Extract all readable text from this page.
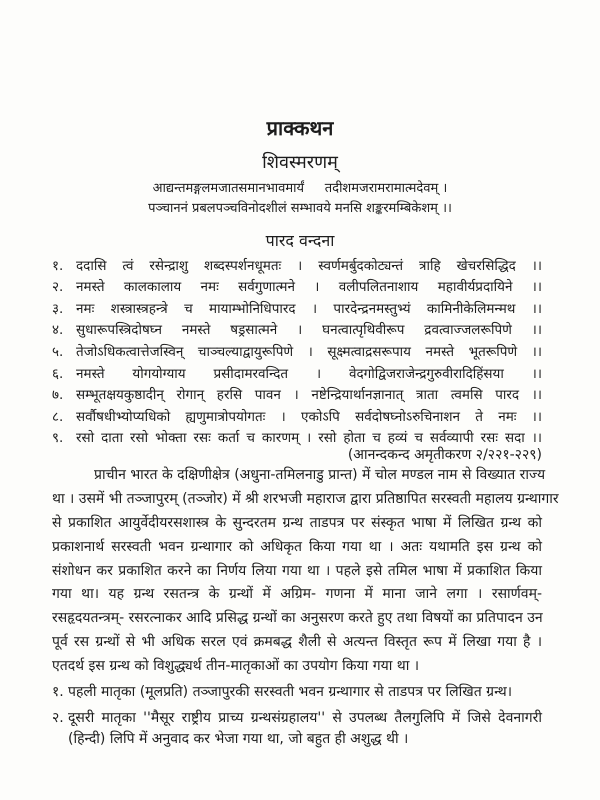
प्राक्कथन
शिवस्मरणम्
आद्यन्तमङ्गलमजातसमानभावमार्यं     तदीशमजरामरामात्मदेवम् ।
पञ्चाननं प्रबलपञ्चविनोदशीलं सम्भावये मनसि शङ्करमम्बिकेशम् ।।
पारद वन्दना
१. ददासि त्वं रसेन्द्राशु शब्दस्पर्शनधूमतः । स्वर्णमर्बुदकोट्यन्तं त्राहि खेचरसिद्धिद ।।
२. नमस्ते कालकालाय नमः सर्वगुणात्मने । वलीपलितनाशाय महावीर्यप्रदायिने ।।
३. नमः शस्त्रास्त्रहन्त्रे च मायाम्भोनिधिपारद । पारदेन्द्रनमस्तुभ्यं कामिनीकेलिमन्मथ ।।
४. सुधारूपस्त्रिदोषघ्न नमस्ते षड्रसात्मने । घनत्वात्पृथिवीरूप द्रवत्वाज्जलरूपिणे ।।
५. तेजोऽधिकत्वात्तेजस्विन् चाञ्चल्याद्वायुरूपिणे । सूक्ष्मत्वाद्रसरूपाय नमस्ते भूतरूपिणे ।।
६. नमस्ते योगयोग्याय प्रसीदामरवन्दित । वेदगोद्विजराजेन्द्रगुरुवीरादिहिंसया ।।
७. सम्भूतक्षयकुष्ठादीन् रोगान् हरसि पावन । नष्टेन्द्रियार्थानज्ञानात् त्राता त्वमसि पारद ।।
८. सर्वौषधीभ्योप्यधिको ह्यणुमात्रोपयोगतः । एकोऽपि सर्वदोषघ्नोऽरुचिनाशन ते नमः ।।
९. रसो दाता रसो भोक्ता रसः कर्ता च कारणम् । रसो होता च हव्यं च सर्वव्यापी रसः सदा ।।
(आनन्दकन्द अमृतीकरण २/२२१-२२९)
प्राचीन भारत के दक्षिणीक्षेत्र (अधुना-तमिलनाडु प्रान्त) में चोल मण्डल नाम से विख्यात राज्य
था । उसमें भी तञ्जापुरम् (तञ्जोर) में श्री शरभजी महाराज द्वारा प्रतिष्ठापित सरस्वती महालय ग्रन्थागार
से प्रकाशित आयुर्वेदीयरसशास्त्र के सुन्दरतम ग्रन्थ ताडपत्र पर संस्कृत भाषा में लिखित ग्रन्थ को
प्रकाशनार्थ सरस्वती भवन ग्रन्थागार को अधिकृत किया गया था । अतः यथामति इस ग्रन्थ को
संशोधन कर प्रकाशित करने का निर्णय लिया गया था । पहले इसे तमिल भाषा में प्रकाशित किया
गया था। यह ग्रन्थ रसतन्त्र के ग्रन्थों में अग्रिम- गणना में माना जाने लगा । रसार्णवम्-
रसहृदयतन्त्रम्- रसरत्नाकर आदि प्रसिद्ध ग्रन्थों का अनुसरण करते हुए तथा विषयों का प्रतिपादन उन
पूर्व रस ग्रन्थों से भी अधिक सरल एवं क्रमबद्ध शैली से अत्यन्त विस्तृत रूप में लिखा गया है ।
एतदर्थ इस ग्रन्थ को विशुद्ध्यर्थ तीन-मातृकाओं का उपयोग किया गया था ।
१. पहली मातृका (मूलप्रति) तञ्जापुरकी सरस्वती भवन ग्रन्थागार से ताडपत्र पर लिखित ग्रन्थ।
२. दूसरी मातृका ''मैसूर राष्ट्रीय प्राच्य ग्रन्थसंग्रहालय'' से उपलब्ध तैलगुलिपि में जिसे देवनागरी
(हिन्दी) लिपि में अनुवाद कर भेजा गया था, जो बहुत ही अशुद्ध थी ।
